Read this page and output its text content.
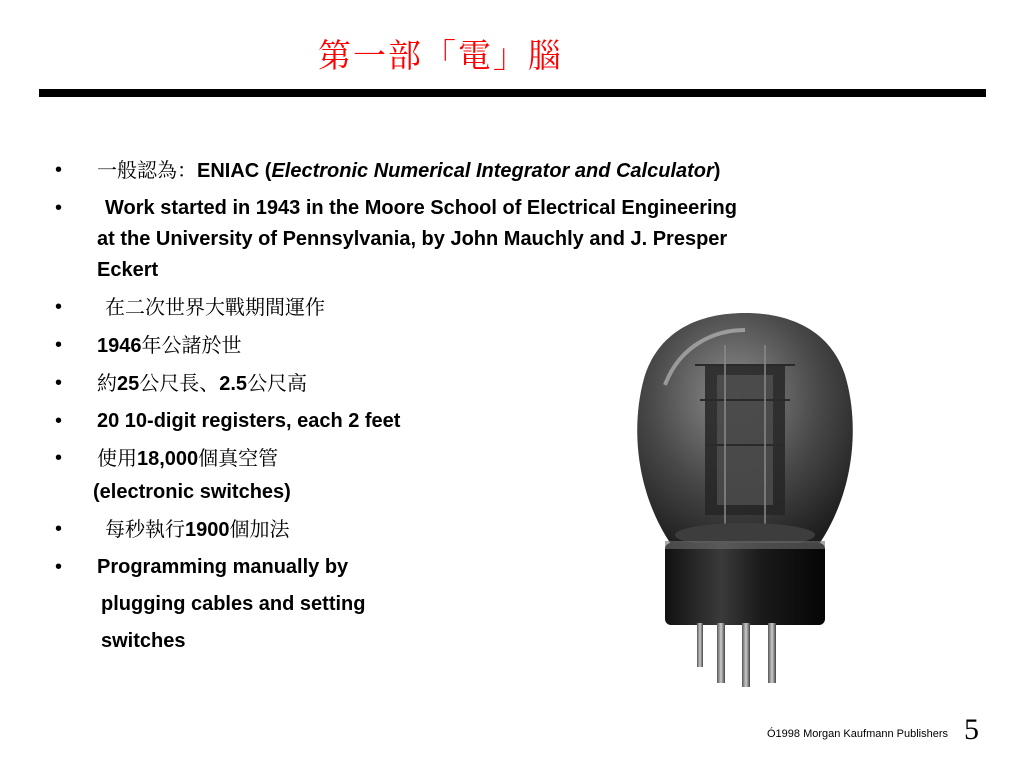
第一部「電」腦
• 一般認為：ENIAC (Electronic Numerical Integrator and Calculator)
• Work started in 1943 in the Moore School of Electrical Engineering
at the University of Pennsylvania, by John Mauchly and J. Presper
Eckert
• 在二次世界大戰期間運作
• 1946年公諸於世
• 約25公尺長、2.5公尺高
• 20 10-digit registers, each 2 feet
• 使用18,000個真空管
(electronic switches)
• 每秒執行1900個加法
• Programming manually by
plugging cables and setting
switches
Ó1998 Morgan Kaufmann Publishers 5
